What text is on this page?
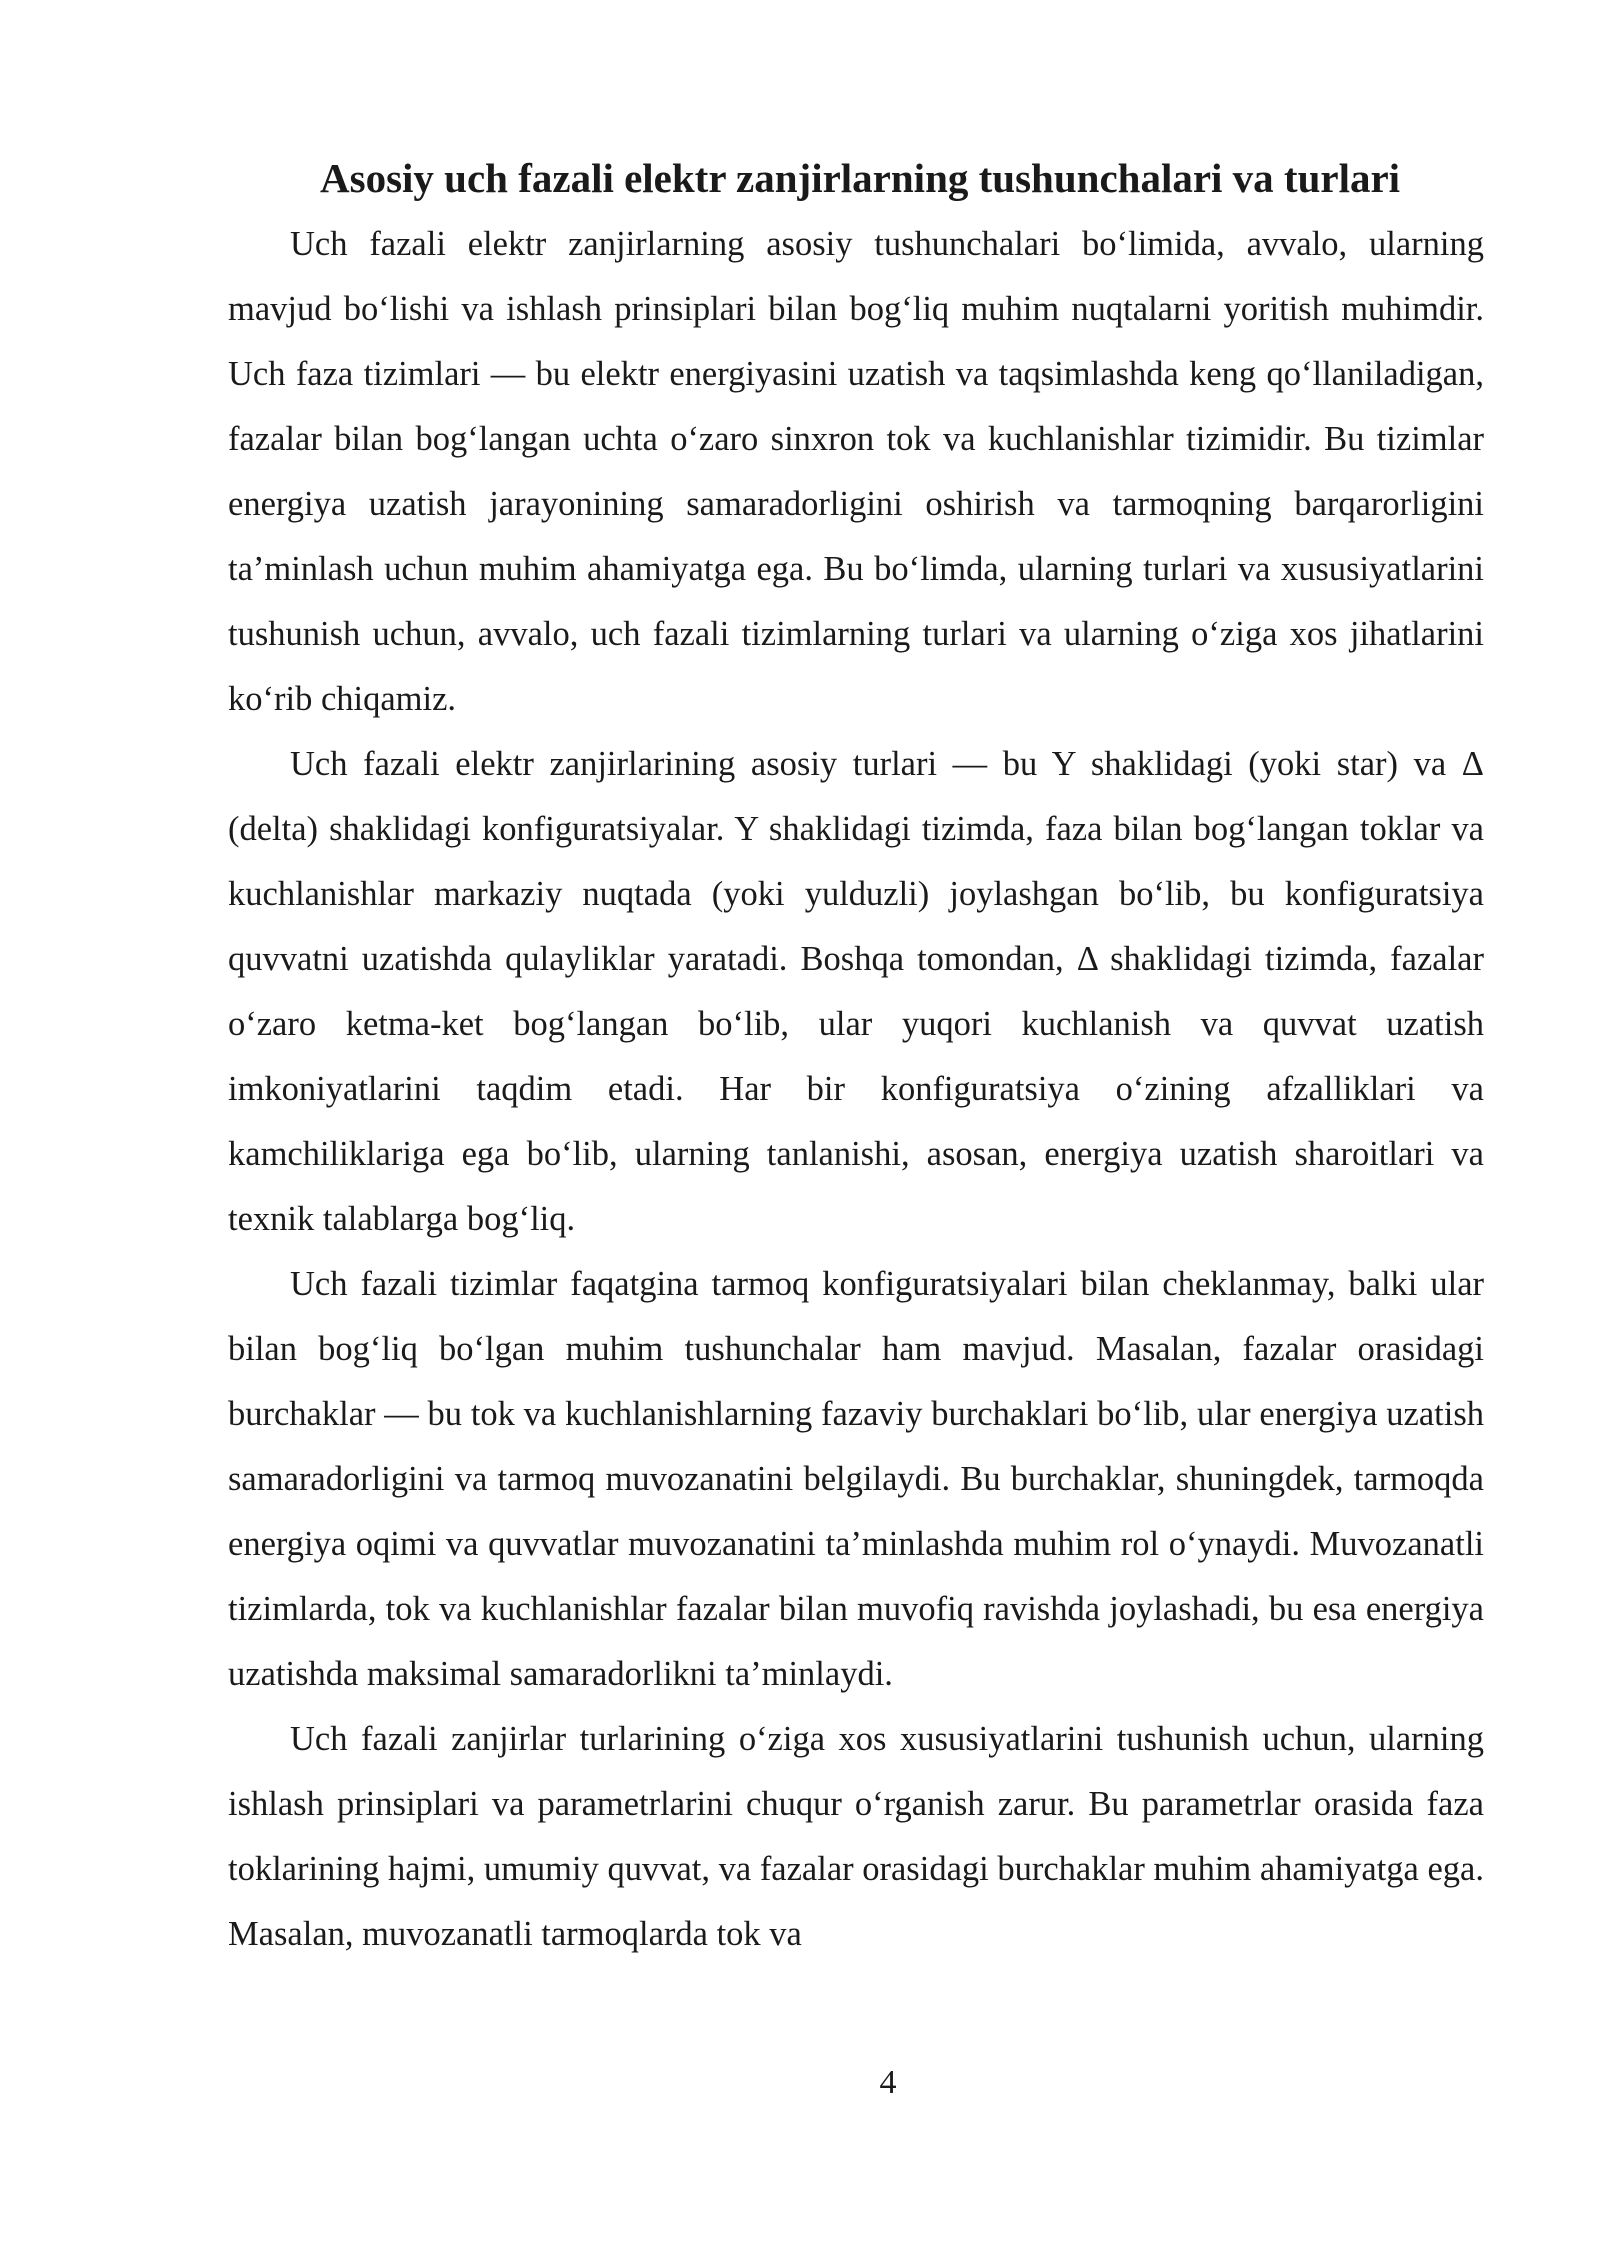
Asosiy uch fazali elektr zanjirlarning tushunchalari va turlari

Uch fazali elektr zanjirlarning asosiy tushunchalari bo‘limida, avvalo, ularning mavjud bo‘lishi va ishlash prinsiplari bilan bog‘liq muhim nuqtalarni yoritish muhimdir. Uch faza tizimlari — bu elektr energiyasini uzatish va taqsimlashda keng qo‘llaniladigan, fazalar bilan bog‘langan uchta o‘zaro sinxron tok va kuchlanishlar tizimidir. Bu tizimlar energiya uzatish jarayonining samaradorligini oshirish va tarmoqning barqarorligini ta’minlash uchun muhim ahamiyatga ega. Bu bo‘limda, ularning turlari va xususiyatlarini tushunish uchun, avvalo, uch fazali tizimlarning turlari va ularning o‘ziga xos jihatlarini ko‘rib chiqamiz.

Uch fazali elektr zanjirlarining asosiy turlari — bu Y shaklidagi (yoki star) va Δ (delta) shaklidagi konfiguratsiyalar. Y shaklidagi tizimda, faza bilan bog‘langan toklar va kuchlanishlar markaziy nuqtada (yoki yulduzli) joylashgan bo‘lib, bu konfiguratsiya quvvatni uzatishda qulayliklar yaratadi. Boshqa tomondan, Δ shaklidagi tizimda, fazalar o‘zaro ketma-ket bog‘langan bo‘lib, ular yuqori kuchlanish va quvvat uzatish imkoniyatlarini taqdim etadi. Har bir konfiguratsiya o‘zining afzalliklari va kamchiliklariga ega bo‘lib, ularning tanlanishi, asosan, energiya uzatish sharoitlari va texnik talablarga bog‘liq.

Uch fazali tizimlar faqatgina tarmoq konfiguratsiyalari bilan cheklanmay, balki ular bilan bog‘liq bo‘lgan muhim tushunchalar ham mavjud. Masalan, fazalar orasidagi burchaklar — bu tok va kuchlanishlarning fazaviy burchaklari bo‘lib, ular energiya uzatish samaradorligini va tarmoq muvozanatini belgilaydi. Bu burchaklar, shuningdek, tarmoqda energiya oqimi va quvvatlar muvozanatini ta’minlashda muhim rol o‘ynaydi. Muvozanatli tizimlarda, tok va kuchlanishlar fazalar bilan muvofiq ravishda joylashadi, bu esa energiya uzatishda maksimal samaradorlikni ta’minlaydi.

Uch fazali zanjirlar turlarining o‘ziga xos xususiyatlarini tushunish uchun, ularning ishlash prinsiplari va parametrlarini chuqur o‘rganish zarur. Bu parametrlar orasida faza toklarining hajmi, umumiy quvvat, va fazalar orasidagi burchaklar muhim ahamiyatga ega. Masalan, muvozanatli tarmoqlarda tok va

4
